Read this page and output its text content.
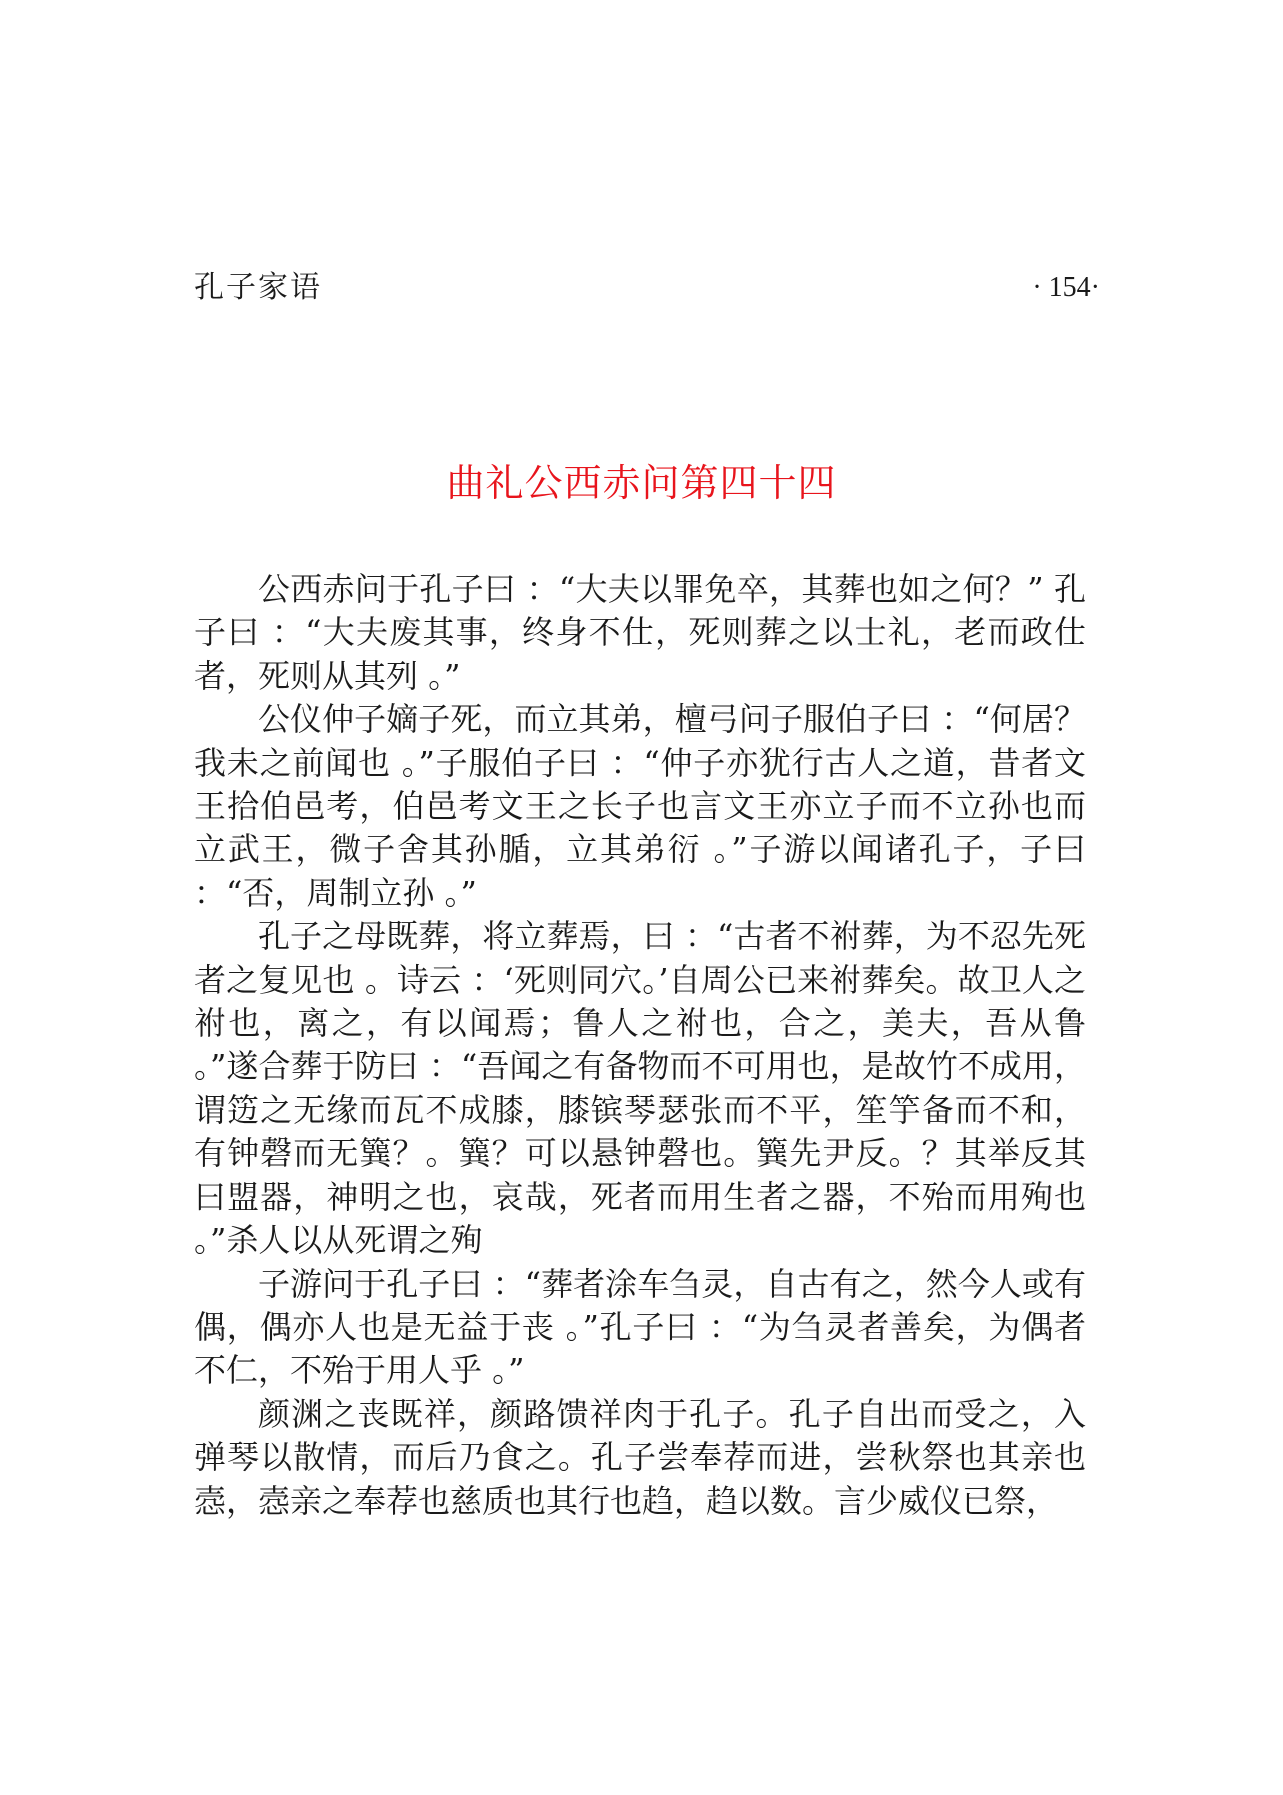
孔子家语	· 154·
曲礼公西赤问第四十四

公西赤问于孔子曰 ：“大夫以罪免卒，其葬也如之何？” 孔子曰 ：“大夫废其事，终身不仕，死则葬之以士礼，老而政仕者，死则从其列 。”

公仪仲子嫡子死，而立其弟，檀弓问子服伯子曰 ：“何居？我未之前闻也 。”子服伯子曰 ：“仲子亦犹行古人之道，昔者文王拾伯邑考，伯邑考文王之长子也言文王亦立子而不立孙也而立武王，微子舍其孙腯，立其弟衍 。”子游以闻诸孔子，子曰 ：“否，周制立孙 。”

孔子之母既葬，将立葬焉，曰 ：“古者不祔葬，为不忍先死者之复见也 。诗云 ：‘死则同穴。’自周公已来祔葬矣。故卫人之祔也，离之，有以闻焉；鲁人之祔也，合之，美夫，吾从鲁 。”遂合葬于防曰 ：“吾闻之有备物而不可用也，是故竹不成用，谓笾之无缘而瓦不成膝，膝镔琴瑟张而不平，笙竽备而不和，有钟磬而无簨？。簨？可以悬钟磬也。簨先尹反。？其举反其曰盟器，神明之也，哀哉，死者而用生者之器，不殆而用殉也 。”杀人以从死谓之殉

子游问于孔子曰 ：“葬者涂车刍灵，自古有之，然今人或有偶，偶亦人也是无益于丧 。”孔子曰 ：“为刍灵者善矣，为偶者不仁，不殆于用人乎 。”

颜渊之丧既祥，颜路馈祥肉于孔子。孔子自出而受之，入弹琴以散情，而后乃食之。孔子尝奉荐而进，尝秋祭也其亲也悫，悫亲之奉荐也慈质也其行也趋，趋以数。言少威仪已祭，
